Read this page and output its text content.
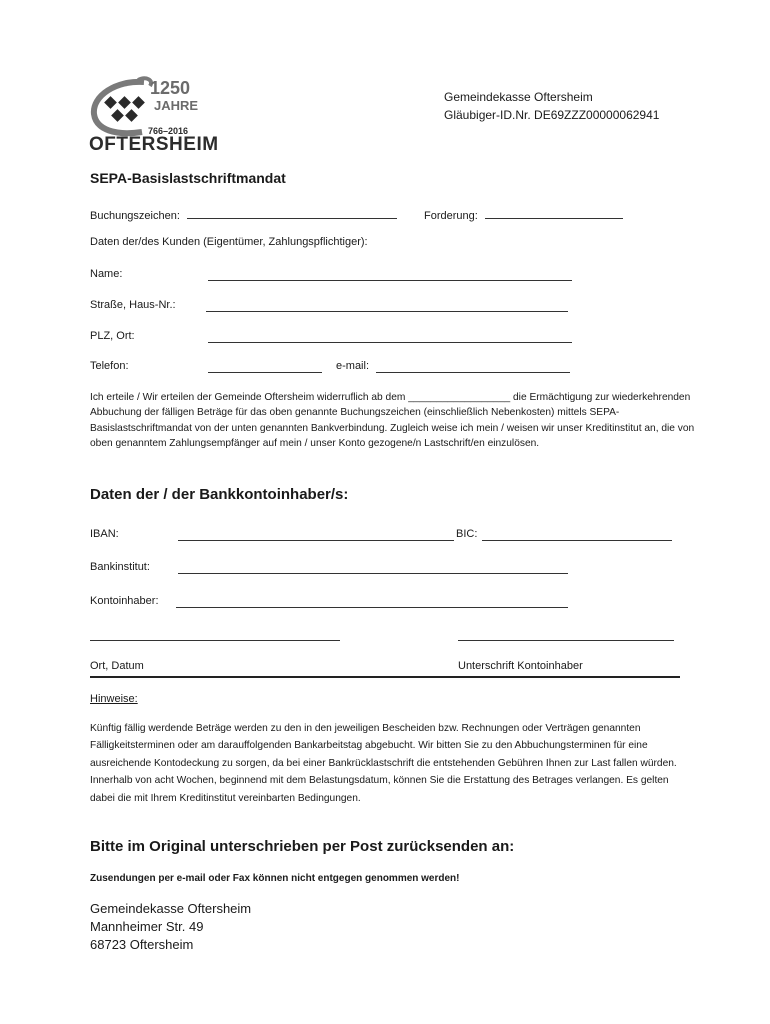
1250
JAHRE
766–2016
OFTERSHEIM
Gemeindekasse Oftersheim
Gläubiger-ID.Nr. DE69ZZZ00000062941
SEPA-Basislastschriftmandat
Buchungszeichen:	Forderung:
Daten der/des Kunden (Eigentümer, Zahlungspflichtiger):
Name:
Straße, Haus-Nr.:
PLZ, Ort:
Telefon:	e-mail:
Ich erteile / Wir erteilen der Gemeinde Oftersheim widerruflich ab dem __________________ die Ermächtigung zur wiederkehrenden Abbuchung der fälligen Beträge für das oben genannte Buchungszeichen (einschließlich Nebenkosten) mittels SEPA-Basislastschriftmandat von der unten genannten Bankverbindung. Zugleich weise ich mein / weisen wir unser Kreditinstitut an, die von oben genanntem Zahlungsempfänger auf mein / unser Konto gezogene/n Lastschrift/en einzulösen.
Daten der / der Bankkontoinhaber/s:
IBAN:	BIC:
Bankinstitut:
Kontoinhaber:
Ort, Datum	Unterschrift Kontoinhaber
Hinweise:
Künftig fällig werdende Beträge werden zu den in den jeweiligen Bescheiden bzw. Rechnungen oder Verträgen genannten Fälligkeitsterminen oder am darauffolgenden Bankarbeitstag abgebucht. Wir bitten Sie zu den Abbuchungsterminen für eine ausreichende Kontodeckung zu sorgen, da bei einer Bankrücklastschrift die entstehenden Gebühren Ihnen zur Last fallen würden. Innerhalb von acht Wochen, beginnend mit dem Belastungsdatum, können Sie die Erstattung des Betrages verlangen. Es gelten dabei die mit Ihrem Kreditinstitut vereinbarten Bedingungen.
Bitte im Original unterschrieben per Post zurücksenden an:
Zusendungen per e-mail oder Fax können nicht entgegen genommen werden!
Gemeindekasse Oftersheim
Mannheimer Str. 49
68723 Oftersheim
